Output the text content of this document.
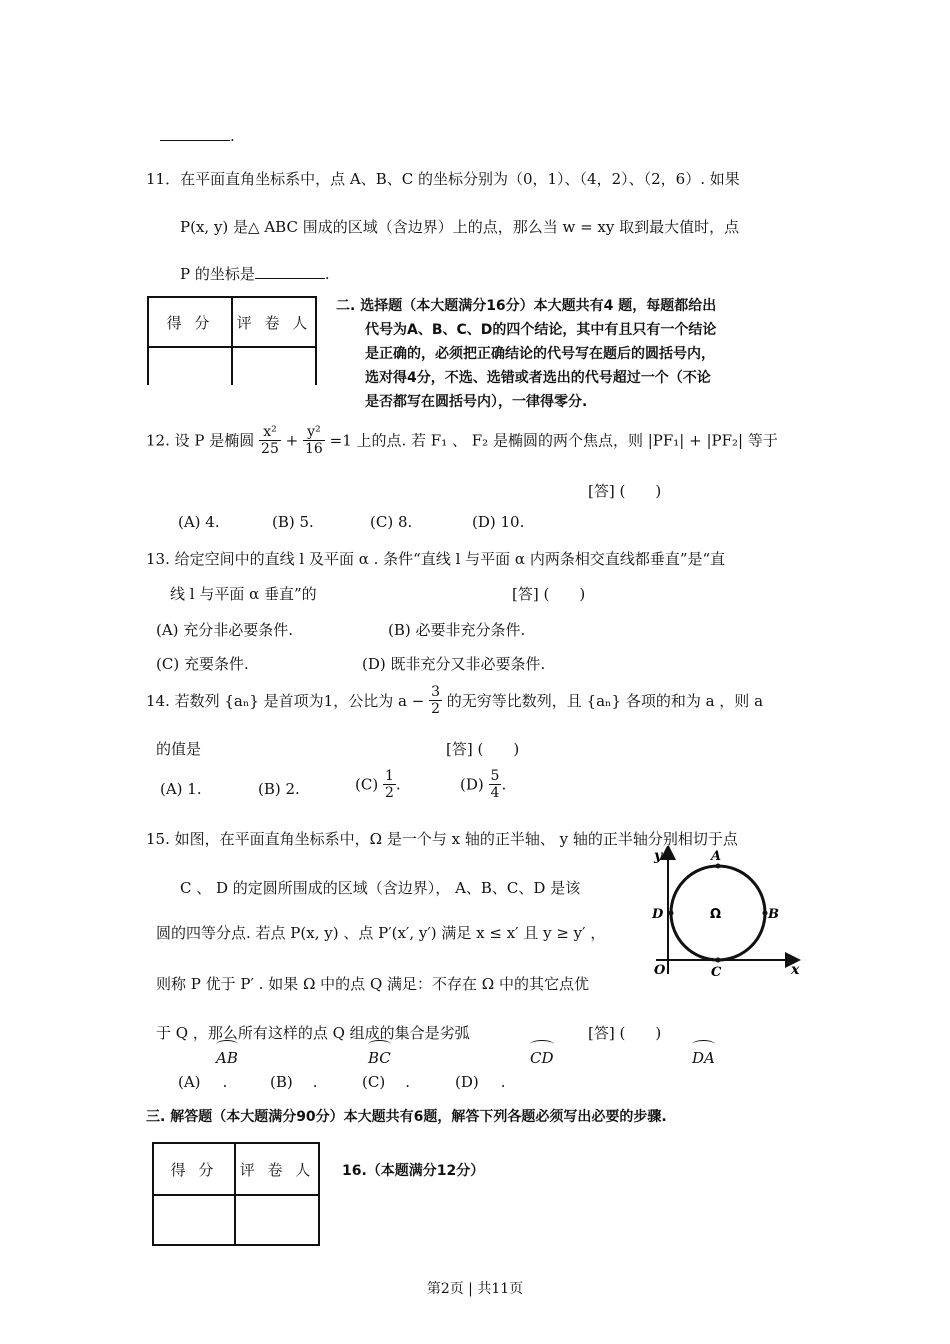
.
11．在平面直角坐标系中，点 A、B、C 的坐标分别为（0，1）、（4，2）、（2，6）. 如果
P(x, y) 是△ ABC 围成的区域（含边界）上的点，那么当 w = xy 取到最大值时，点
P 的坐标是	.
得 分	评 卷 人

二. 选择题（本大题满分16分）本大题共有4 题，每题都给出
代号为A、B、C、D的四个结论，其中有且只有一个结论
是正确的，必须把正确结论的代号写在题后的圆括号内，
选对得4分，不选、选错或者选出的代号超过一个（不论
是否都写在圆括号内），一律得零分.
12. 设 P 是椭圆 $\frac{\text{x²}}{25} + \frac{\text{y²}}{16} =1$ 上的点. 若 F₁ 、 F₂ 是椭圆的两个焦点，则 |PF₁| + |PF₂| 等于
[答] (　　)
(A) 4.	(B) 5.	(C) 8.	(D) 10.
13. 给定空间中的直线 l 及平面 α . 条件“直线 l 与平面 α 内两条相交直线都垂直”是“直
线 l 与平面 α 垂直”的	[答] (　　)
(A) 充分非必要条件.	(B) 必要非充分条件.
(C) 充要条件.	(D) 既非充分又非必要条件.
14. 若数列 {aₙ} 是首项为1，公比为 $a - \frac{3}{2}$ 的无穷等比数列，且 {aₙ} 各项的和为 a ，则 a
的值是	[答] (　　)
(A) 1.	(B) 2.	$(C) \frac{1}{2}$ .	$(D) \frac{5}{4}$ .
15. 如图，在平面直角坐标系中，Ω 是一个与 x 轴的正半轴、 y 轴的正半轴分别相切于点
C 、 D 的定圆所围成的区域（含边界）， A、B、C、D 是该
圆的四等分点. 若点 P(x, y) 、点 P′(x′, y′) 满足 x ≤ x′ 且 y ≥ y′ ，
则称 P 优于 P′ . 如果 Ω 中的点 Q 满足：不存在 Ω 中的其它点优
于 Q ，那么所有这样的点 Q 组成的集合是劣弧	[答] (　　)
AB
(A) .
BC
(B) .
CD
(C) .
DA
(D) .
y	A
B
D
C
O	x
Ω
三. 解答题（本大题满分90分）本大题共有6题，解答下列各题必须写出必要的步骤.
得 分	评 卷 人
	16.（本题满分12分）
第2页 | 共11页
